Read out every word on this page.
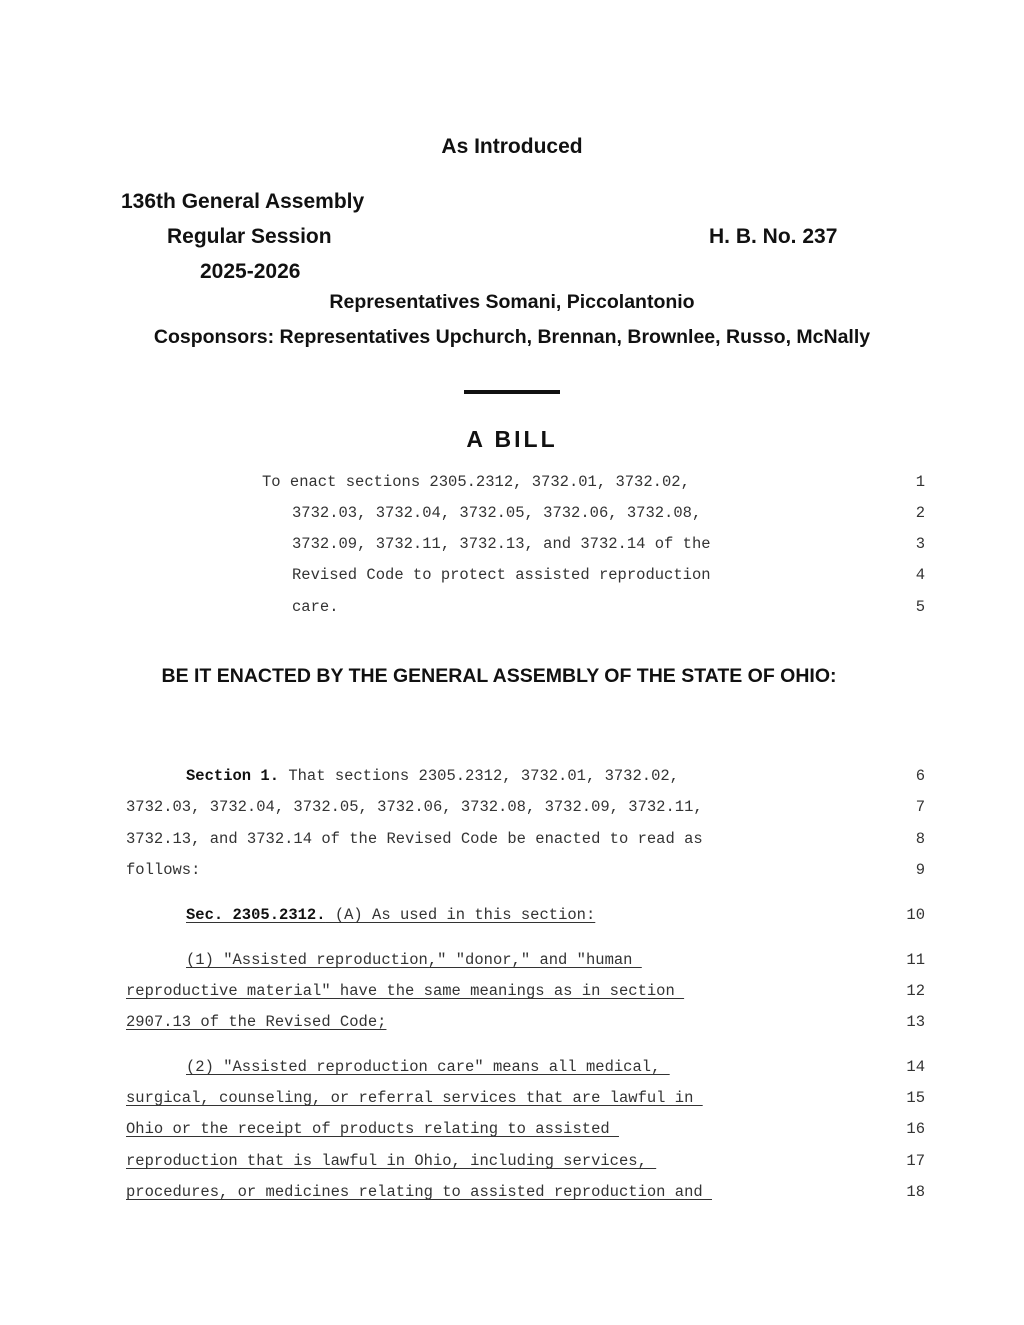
As Introduced
136th General Assembly
Regular Session	H. B. No. 237
2025-2026
Representatives Somani, Piccolantonio
Cosponsors: Representatives Upchurch, Brennan, Brownlee, Russo, McNally
A BILL
To enact sections 2305.2312, 3732.01, 3732.02,	1
3732.03, 3732.04, 3732.05, 3732.06, 3732.08,	2
3732.09, 3732.11, 3732.13, and 3732.14 of the	3
Revised Code to protect assisted reproduction	4
care.	5
BE IT ENACTED BY THE GENERAL ASSEMBLY OF THE STATE OF OHIO:
Section 1. That sections 2305.2312, 3732.01, 3732.02,	6
3732.03, 3732.04, 3732.05, 3732.06, 3732.08, 3732.09, 3732.11,	7
3732.13, and 3732.14 of the Revised Code be enacted to read as	8
follows:	9
Sec. 2305.2312. (A) As used in this section:	10
(1) "Assisted reproduction," "donor," and "human	11
reproductive material" have the same meanings as in section	12
2907.13 of the Revised Code;	13
(2) "Assisted reproduction care" means all medical,	14
surgical, counseling, or referral services that are lawful in	15
Ohio or the receipt of products relating to assisted	16
reproduction that is lawful in Ohio, including services,	17
procedures, or medicines relating to assisted reproduction and	18
